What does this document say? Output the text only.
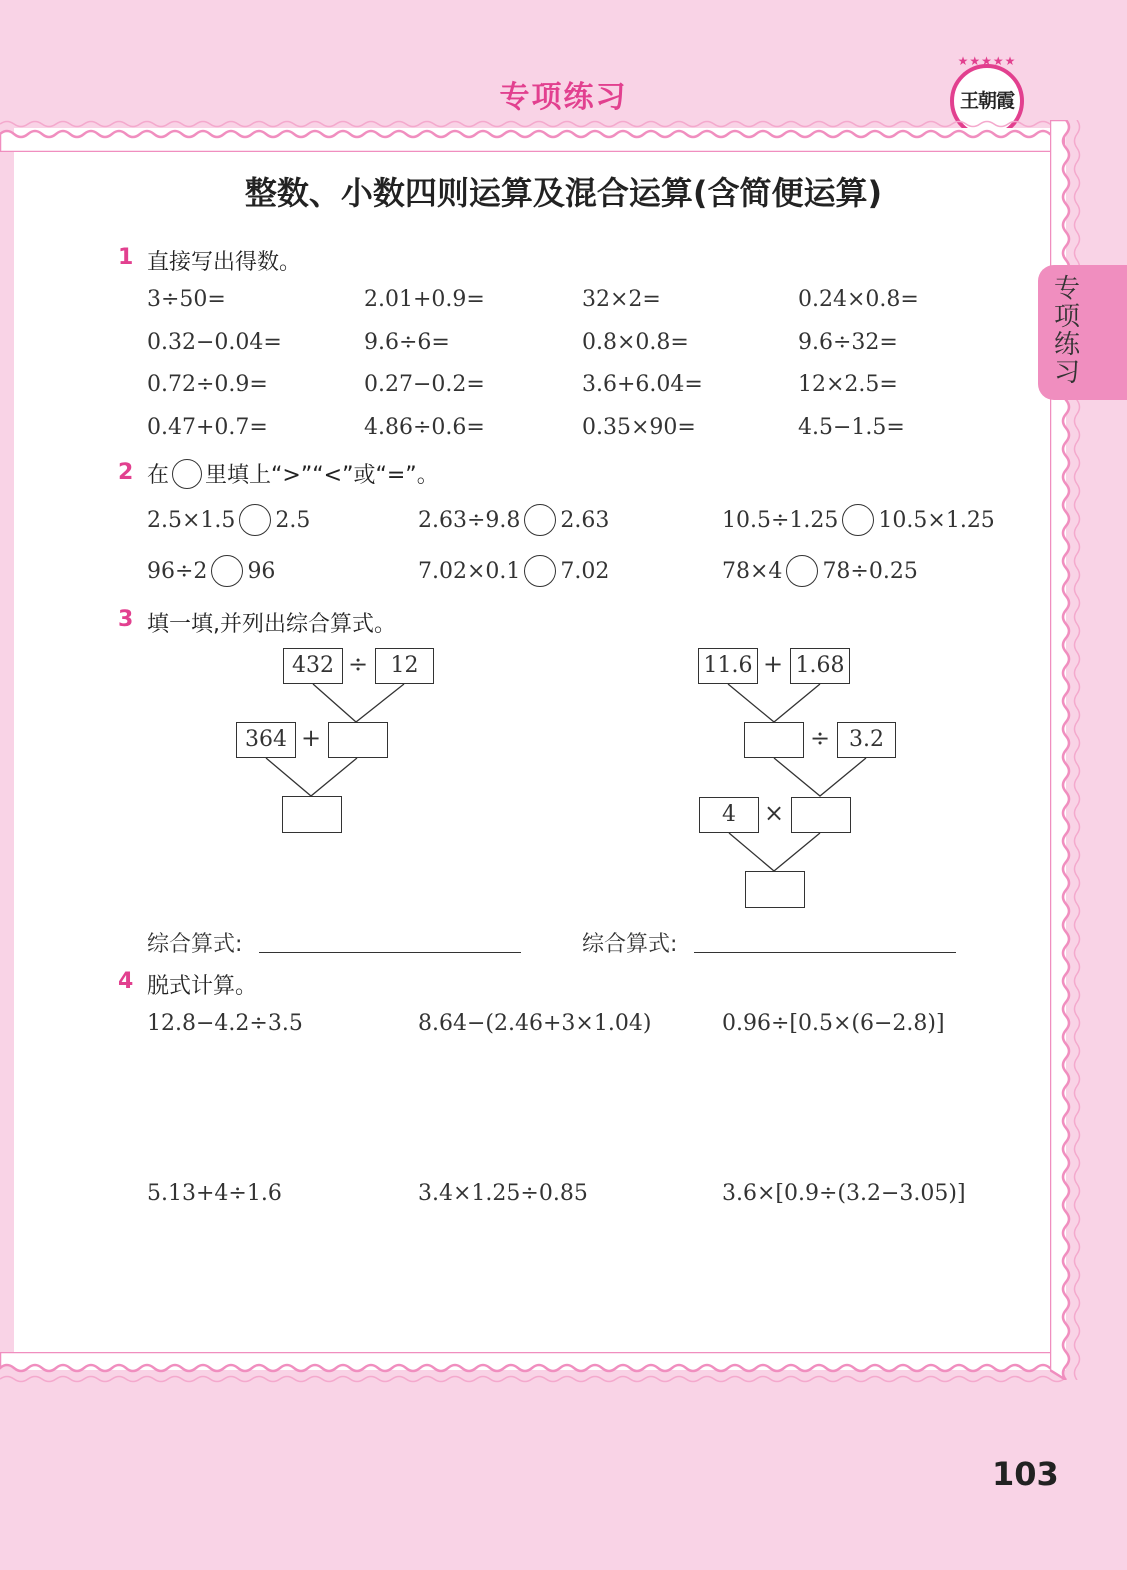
专项练习
★★★★★
王朝霞
专项练习
整数、小数四则运算及混合运算(含简便运算)
1 直接写出得数。
3÷50=	2.01+0.9=	32×2=	0.24×0.8=
0.32−0.04=	9.6÷6=	0.8×0.8=	9.6÷32=
0.72÷0.9=	0.27−0.2=	3.6+6.04=	12×2.5=
0.47+0.7=	4.86÷0.6=	0.35×90=	4.5−1.5=
2 在 里填上“>”“<”或“=”。
2.5×1.5 2.5	2.63÷9.8 2.63	10.5÷1.25 10.5×1.25
96÷2 96	7.02×0.1 7.02	78×4 78÷0.25
3 填一填,并列出综合算式。
432 ÷	12
364 +
11.6 + 1.68
÷ 3.2
4	×
综合算式:	综合算式:
4 脱式计算。
12.8−4.2÷3.5	8.64−(2.46+3×1.04)	0.96÷[0.5×(6−2.8)]
5.13+4÷1.6	3.4×1.25÷0.85	3.6×[0.9÷(3.2−3.05)]
103
